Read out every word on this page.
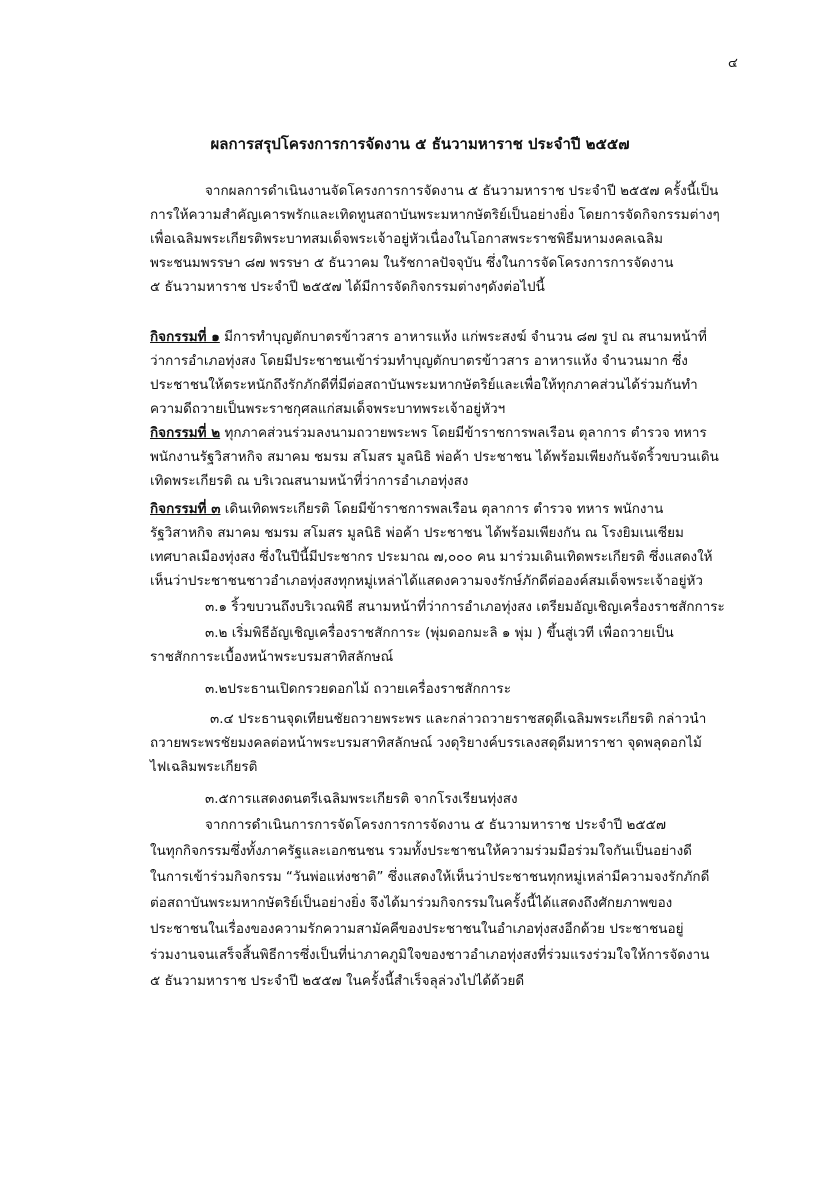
๔
ผลการสรุปโครงการการจัดงาน ๕ ธันวามหาราช ประจำปี ๒๕๕๗
จากผลการดำเนินงานจัดโครงการการจัดงาน ๕ ธันวามหาราช ประจำปี ๒๕๕๗ ครั้งนี้เป็น
การให้ความสำคัญเคารพรักและเทิดทูนสถาบันพระมหากษัตริย์เป็นอย่างยิ่ง โดยการจัดกิจกรรมต่างๆ
เพื่อเฉลิมพระเกียรติพระบาทสมเด็จพระเจ้าอยู่หัวเนื่องในโอกาสพระราชพิธีมหามงคลเฉลิม
พระชนมพรรษา ๘๗ พรรษา ๕ ธันวาคม ในรัชกาลปัจจุบัน ซึ่งในการจัดโครงการการจัดงาน
๕ ธันวามหาราช ประจำปี ๒๕๕๗ ได้มีการจัดกิจกรรมต่างๆดังต่อไปนี้
กิจกรรมที่ ๑ มีการทำบุญตักบาตรข้าวสาร อาหารแห้ง แก่พระสงฆ์ จำนวน ๘๗ รูป ณ สนามหน้าที่
ว่าการอำเภอทุ่งสง โดยมีประชาชนเข้าร่วมทำบุญตักบาตรข้าวสาร อาหารแห้ง จำนวนมาก ซึ่ง
ประชาชนให้ตระหนักถึงรักภักดีที่มีต่อสถาบันพระมหากษัตริย์และเพื่อให้ทุกภาคส่วนได้ร่วมกันทำ
ความดีถวายเป็นพระราชกุศลแก่สมเด็จพระบาทพระเจ้าอยู่หัวฯ
กิจกรรมที่ ๒ ทุกภาคส่วนร่วมลงนามถวายพระพร โดยมีข้าราชการพลเรือน ตุลาการ ตำรวจ ทหาร
พนักงานรัฐวิสาหกิจ สมาคม ชมรม สโมสร มูลนิธิ พ่อค้า ประชาชน ได้พร้อมเพียงกันจัดริ้วขบวนเดิน
เทิดพระเกียรติ ณ บริเวณสนามหน้าที่ว่าการอำเภอทุ่งสง
กิจกรรมที่ ๓ เดินเทิดพระเกียรติ โดยมีข้าราชการพลเรือน ตุลาการ ตำรวจ ทหาร พนักงาน
รัฐวิสาหกิจ สมาคม ชมรม สโมสร มูลนิธิ พ่อค้า ประชาชน ได้พร้อมเพียงกัน ณ โรงยิมเนเซียม
เทศบาลเมืองทุ่งสง ซึ่งในปีนี้มีประชากร ประมาณ ๗,๐๐๐ คน มาร่วมเดินเทิดพระเกียรติ ซึ่งแสดงให้
เห็นว่าประชาชนชาวอำเภอทุ่งสงทุกหมู่เหล่าได้แสดงความจงรักษ์ภักดีต่อองค์สมเด็จพระเจ้าอยู่หัว
๓.๑ ริ้วขบวนถึงบริเวณพิธี สนามหน้าที่ว่าการอำเภอทุ่งสง เตรียมอัญเชิญเครื่องราชสักการะ
๓.๒ เริ่มพิธีอัญเชิญเครื่องราชสักการะ (พุ่มดอกมะลิ ๑ พุ่ม ) ขึ้นสู่เวที เพื่อถวายเป็น
ราชสักการะเบื้องหน้าพระบรมสาทิสลักษณ์
๓.๒ประธานเปิดกรวยดอกไม้ ถวายเครื่องราชสักการะ
๓.๔ ประธานจุดเทียนชัยถวายพระพร และกล่าวถวายราชสดุดีเฉลิมพระเกียรติ กล่าวนำ
ถวายพระพรชัยมงคลต่อหน้าพระบรมสาทิสลักษณ์ วงดุริยางค์บรรเลงสดุดีมหาราชา จุดพลุดอกไม้
ไฟเฉลิมพระเกียรติ
๓.๕การแสดงดนตรีเฉลิมพระเกียรติ จากโรงเรียนทุ่งสง
จากการดำเนินการการจัดโครงการการจัดงาน ๕ ธันวามหาราช ประจำปี ๒๕๕๗
ในทุกกิจกรรมซึ่งทั้งภาครัฐและเอกชนชน รวมทั้งประชาชนให้ความร่วมมือร่วมใจกันเป็นอย่างดี
ในการเข้าร่วมกิจกรรม “วันพ่อแห่งชาติ” ซึ่งแสดงให้เห็นว่าประชาชนทุกหมู่เหล่ามีความจงรักภักดี
ต่อสถาบันพระมหากษัตริย์เป็นอย่างยิ่ง จึงได้มาร่วมกิจกรรมในครั้งนี้ได้แสดงถึงศักยภาพของ
ประชาชนในเรื่องของความรักความสามัคคีของประชาชนในอำเภอทุ่งสงอีกด้วย ประชาชนอยู่
ร่วมงานจนเสร็จสิ้นพิธีการซึ่งเป็นที่น่าภาคภูมิใจของชาวอำเภอทุ่งสงที่ร่วมแรงร่วมใจให้การจัดงาน
๕ ธันวามหาราช ประจำปี ๒๕๕๗ ในครั้งนี้สำเร็จลุล่วงไปได้ด้วยดี
